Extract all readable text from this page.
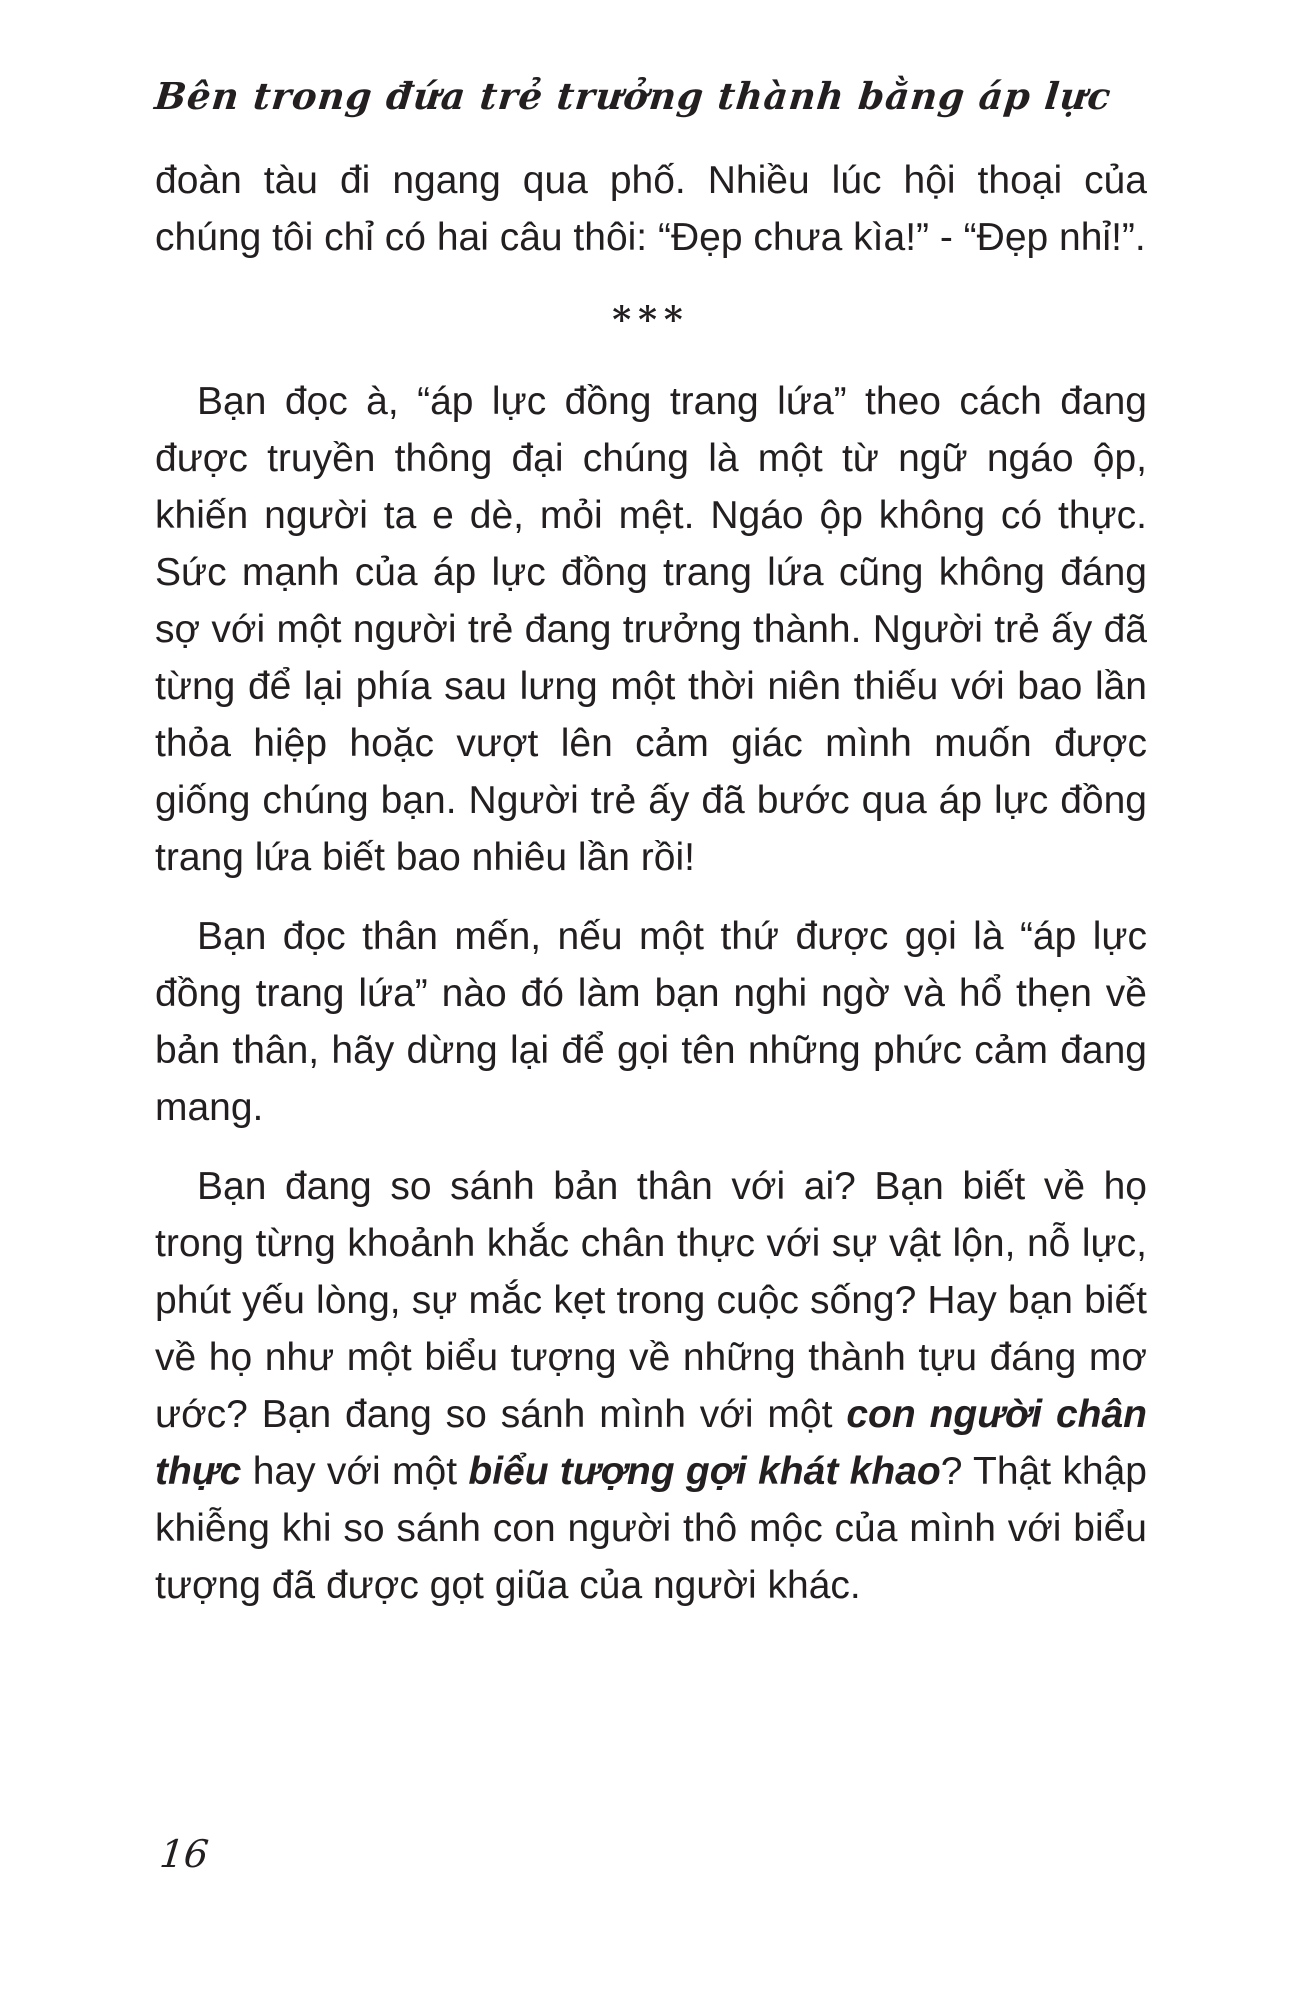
Bên trong đứa trẻ trưởng thành bằng áp lực

đoàn tàu đi ngang qua phố. Nhiều lúc hội thoại của chúng tôi chỉ có hai câu thôi: “Đẹp chưa kìa!” - “Đẹp nhỉ!”.

***

Bạn đọc à, “áp lực đồng trang lứa” theo cách đang được truyền thông đại chúng là một từ ngữ ngáo ộp, khiến người ta e dè, mỏi mệt. Ngáo ộp không có thực. Sức mạnh của áp lực đồng trang lứa cũng không đáng sợ với một người trẻ đang trưởng thành. Người trẻ ấy đã từng để lại phía sau lưng một thời niên thiếu với bao lần thỏa hiệp hoặc vượt lên cảm giác mình muốn được giống chúng bạn. Người trẻ ấy đã bước qua áp lực đồng trang lứa biết bao nhiêu lần rồi!

Bạn đọc thân mến, nếu một thứ được gọi là “áp lực đồng trang lứa” nào đó làm bạn nghi ngờ và hổ thẹn về bản thân, hãy dừng lại để gọi tên những phức cảm đang mang.

Bạn đang so sánh bản thân với ai? Bạn biết về họ trong từng khoảnh khắc chân thực với sự vật lộn, nỗ lực, phút yếu lòng, sự mắc kẹt trong cuộc sống? Hay bạn biết về họ như một biểu tượng về những thành tựu đáng mơ ước? Bạn đang so sánh mình với một con người chân thực hay với một biểu tượng gợi khát khao? Thật khập khiễng khi so sánh con người thô mộc của mình với biểu tượng đã được gọt giũa của người khác.

16
